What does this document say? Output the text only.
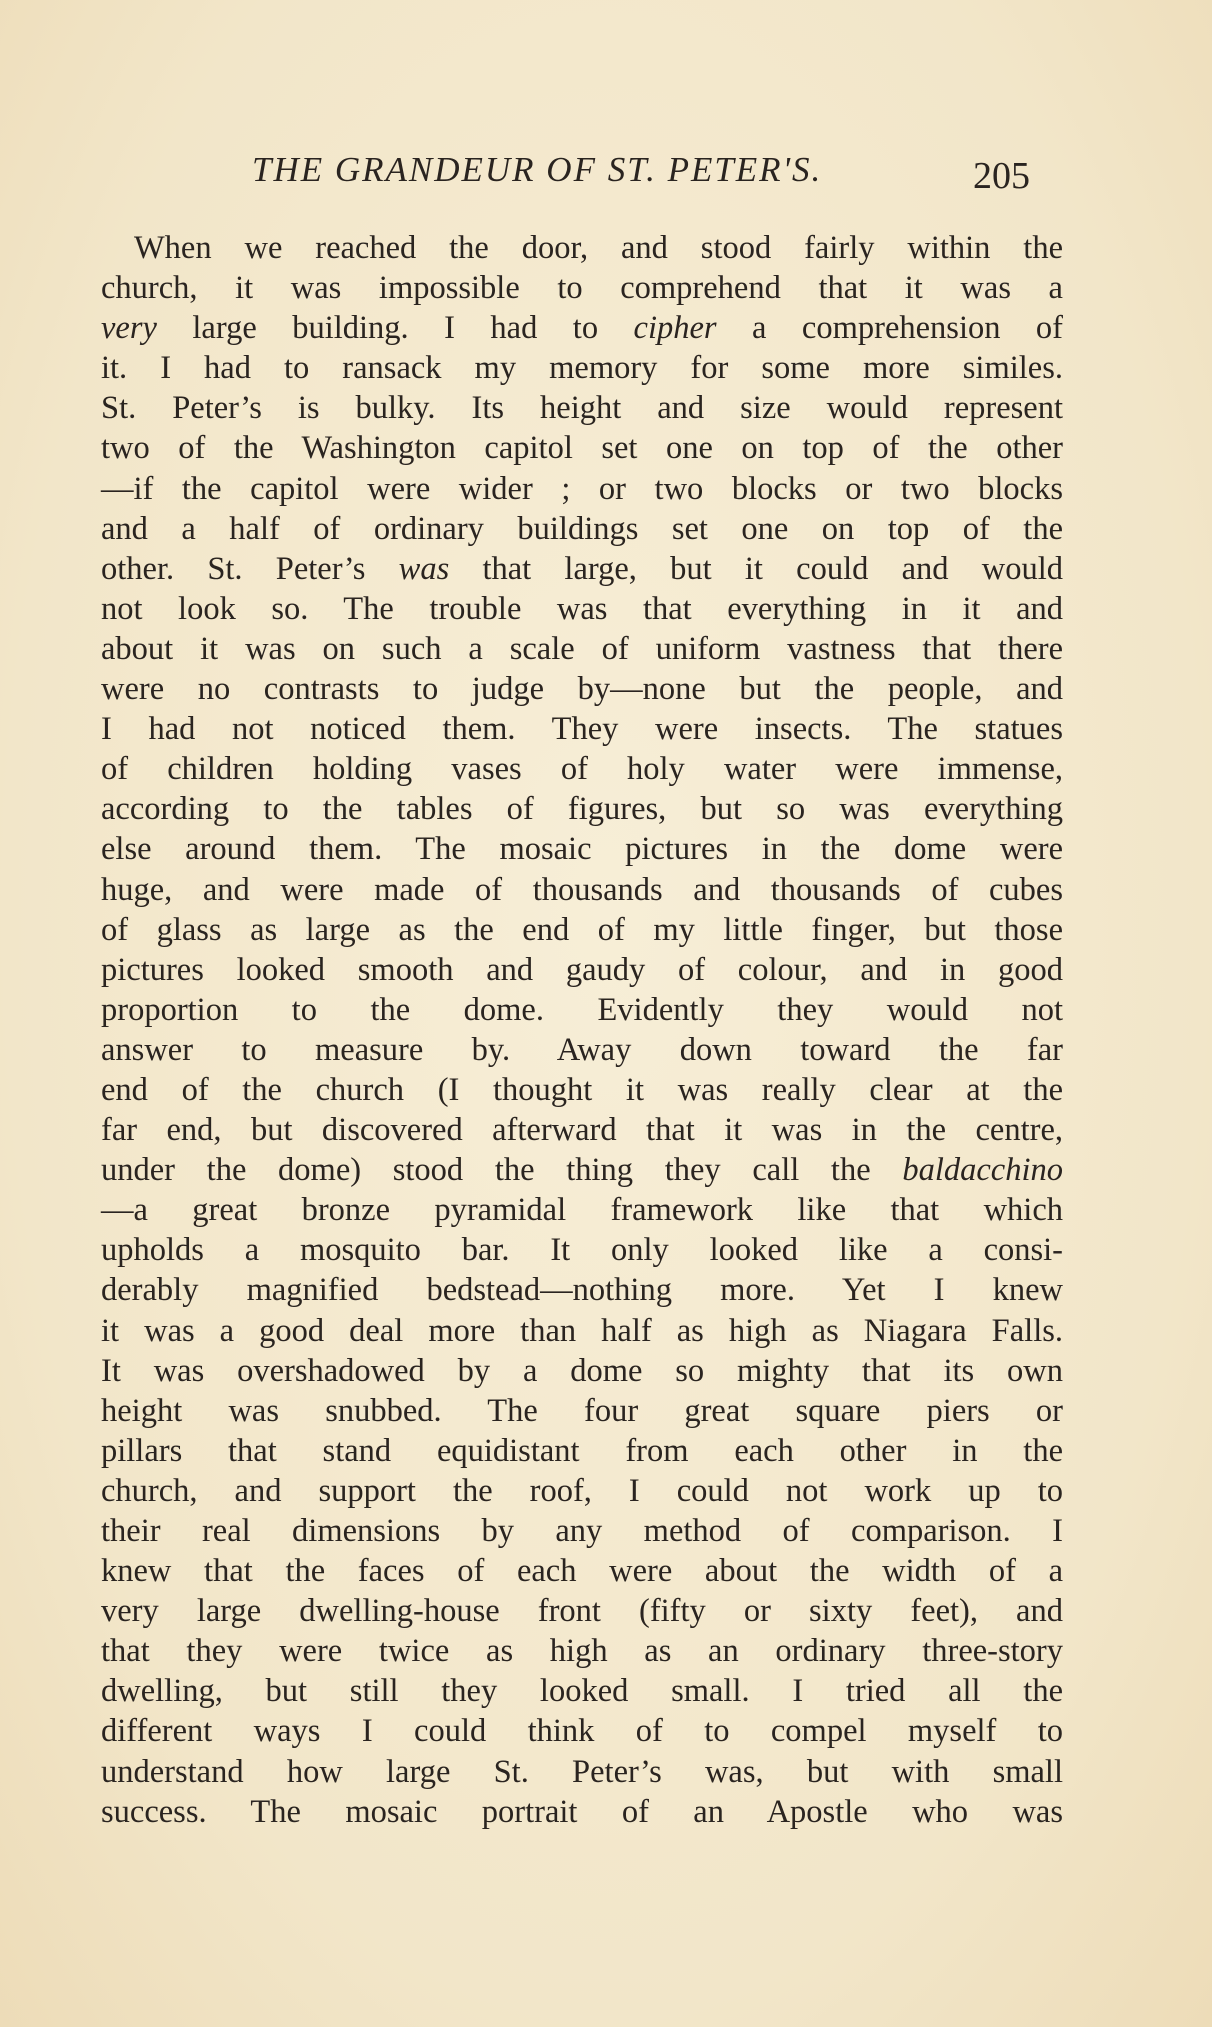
THE GRANDEUR OF ST. PETER'S.	205
When we reached the door, and stood fairly within the
church, it was impossible to comprehend that it was a
very large building. I had to cipher a comprehension of
it. I had to ransack my memory for some more similes.
St. Peter’s is bulky. Its height and size would represent
two of the Washington capitol set one on top of the other
—if the capitol were wider ; or two blocks or two blocks
and a half of ordinary buildings set one on top of the
other. St. Peter’s was that large, but it could and would
not look so. The trouble was that everything in it and
about it was on such a scale of uniform vastness that there
were no contrasts to judge by—none but the people, and
I had not noticed them. They were insects. The statues
of children holding vases of holy water were immense,
according to the tables of figures, but so was everything
else around them. The mosaic pictures in the dome were
huge, and were made of thousands and thousands of cubes
of glass as large as the end of my little finger, but those
pictures looked smooth and gaudy of colour, and in good
proportion to the dome. Evidently they would not
answer to measure by. Away down toward the far
end of the church (I thought it was really clear at the
far end, but discovered afterward that it was in the centre,
under the dome) stood the thing they call the baldacchino
—a great bronze pyramidal framework like that which
upholds a mosquito bar. It only looked like a consi-
derably magnified bedstead—nothing more. Yet I knew
it was a good deal more than half as high as Niagara Falls.
It was overshadowed by a dome so mighty that its own
height was snubbed. The four great square piers or
pillars that stand equidistant from each other in the
church, and support the roof, I could not work up to
their real dimensions by any method of comparison. I
knew that the faces of each were about the width of a
very large dwelling-house front (fifty or sixty feet), and
that they were twice as high as an ordinary three-story
dwelling, but still they looked small. I tried all the
different ways I could think of to compel myself to
understand how large St. Peter’s was, but with small
success. The mosaic portrait of an Apostle who was
